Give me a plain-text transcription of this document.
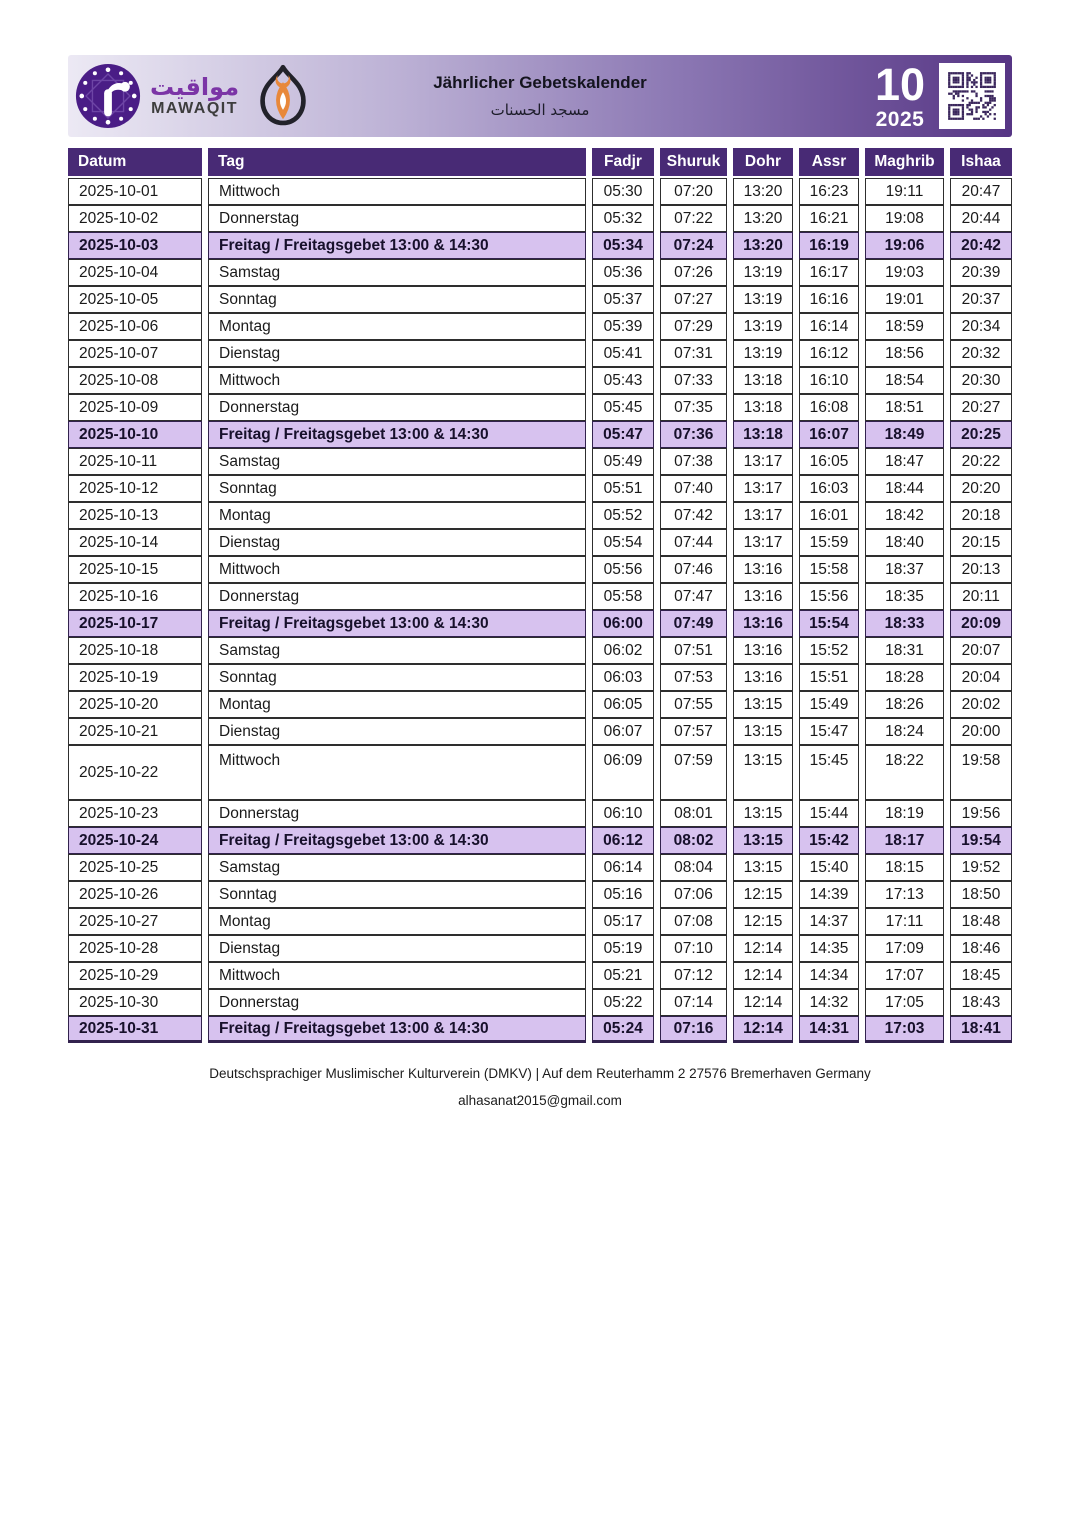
مواقيت
MAWAQIT
Jährlicher Gebetskalender
مسجد الحسنات	10
2025
Datum	Tag	Fadjr	Shuruk	Dohr	Assr	Maghrib	Ishaa
2025-10-01	Mittwoch	05:30	07:20	13:20	16:23	19:11	20:47
2025-10-02	Donnerstag	05:32	07:22	13:20	16:21	19:08	20:44
2025-10-03	Freitag / Freitagsgebet 13:00 & 14:30	05:34	07:24	13:20	16:19	19:06	20:42
2025-10-04	Samstag	05:36	07:26	13:19	16:17	19:03	20:39
2025-10-05	Sonntag	05:37	07:27	13:19	16:16	19:01	20:37
2025-10-06	Montag	05:39	07:29	13:19	16:14	18:59	20:34
2025-10-07	Dienstag	05:41	07:31	13:19	16:12	18:56	20:32
2025-10-08	Mittwoch	05:43	07:33	13:18	16:10	18:54	20:30
2025-10-09	Donnerstag	05:45	07:35	13:18	16:08	18:51	20:27
2025-10-10	Freitag / Freitagsgebet 13:00 & 14:30	05:47	07:36	13:18	16:07	18:49	20:25
2025-10-11	Samstag	05:49	07:38	13:17	16:05	18:47	20:22
2025-10-12	Sonntag	05:51	07:40	13:17	16:03	18:44	20:20
2025-10-13	Montag	05:52	07:42	13:17	16:01	18:42	20:18
2025-10-14	Dienstag	05:54	07:44	13:17	15:59	18:40	20:15
2025-10-15	Mittwoch	05:56	07:46	13:16	15:58	18:37	20:13
2025-10-16	Donnerstag	05:58	07:47	13:16	15:56	18:35	20:11
2025-10-17	Freitag / Freitagsgebet 13:00 & 14:30	06:00	07:49	13:16	15:54	18:33	20:09
2025-10-18	Samstag	06:02	07:51	13:16	15:52	18:31	20:07
2025-10-19	Sonntag	06:03	07:53	13:16	15:51	18:28	20:04
2025-10-20	Montag	06:05	07:55	13:15	15:49	18:26	20:02
2025-10-21	Dienstag	06:07	07:57	13:15	15:47	18:24	20:00
2025-10-22	Mittwoch	06:09	07:59	13:15	15:45	18:22	19:58
2025-10-23	Donnerstag	06:10	08:01	13:15	15:44	18:19	19:56
2025-10-24	Freitag / Freitagsgebet 13:00 & 14:30	06:12	08:02	13:15	15:42	18:17	19:54
2025-10-25	Samstag	06:14	08:04	13:15	15:40	18:15	19:52
2025-10-26	Sonntag	05:16	07:06	12:15	14:39	17:13	18:50
2025-10-27	Montag	05:17	07:08	12:15	14:37	17:11	18:48
2025-10-28	Dienstag	05:19	07:10	12:14	14:35	17:09	18:46
2025-10-29	Mittwoch	05:21	07:12	12:14	14:34	17:07	18:45
2025-10-30	Donnerstag	05:22	07:14	12:14	14:32	17:05	18:43
2025-10-31	Freitag / Freitagsgebet 13:00 & 14:30	05:24	07:16	12:14	14:31	17:03	18:41
Deutschsprachiger Muslimischer Kulturverein (DMKV) | Auf dem Reuterhamm 2 27576 Bremerhaven Germany
alhasanat2015@gmail.com
